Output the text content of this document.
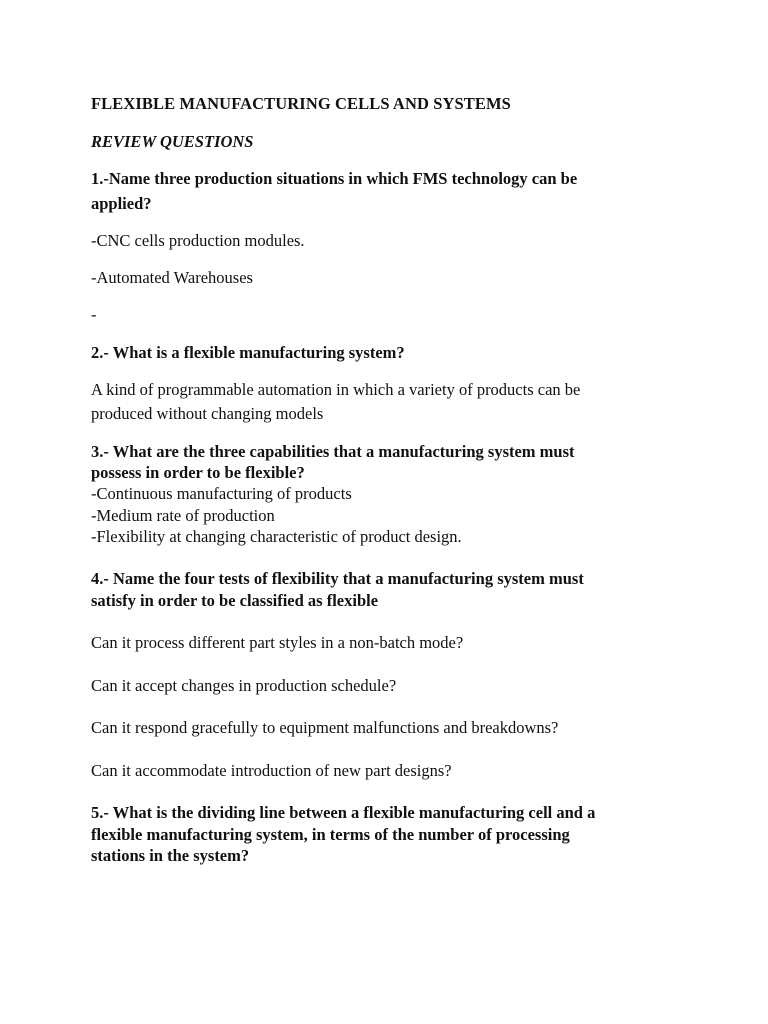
FLEXIBLE MANUFACTURING CELLS AND SYSTEMS
REVIEW QUESTIONS
1.-Name three production situations in which FMS technology can be
applied?
-CNC cells production modules.
-Automated Warehouses
-
2.- What is a flexible manufacturing system?
A kind of programmable automation in which a variety of products can be
produced without changing models
3.- What are the three capabilities that a manufacturing system must
possess in order to be flexible?
-Continuous manufacturing of products
-Medium rate of production
-Flexibility at changing characteristic of product design.
4.- Name the four tests of flexibility that a manufacturing system must
satisfy in order to be classified as flexible
Can it process different part styles in a non-batch mode?
Can it accept changes in production schedule?
Can it respond gracefully to equipment malfunctions and breakdowns?
Can it accommodate introduction of new part designs?
5.- What is the dividing line between a flexible manufacturing cell and a
flexible manufacturing system, in terms of the number of processing
stations in the system?
